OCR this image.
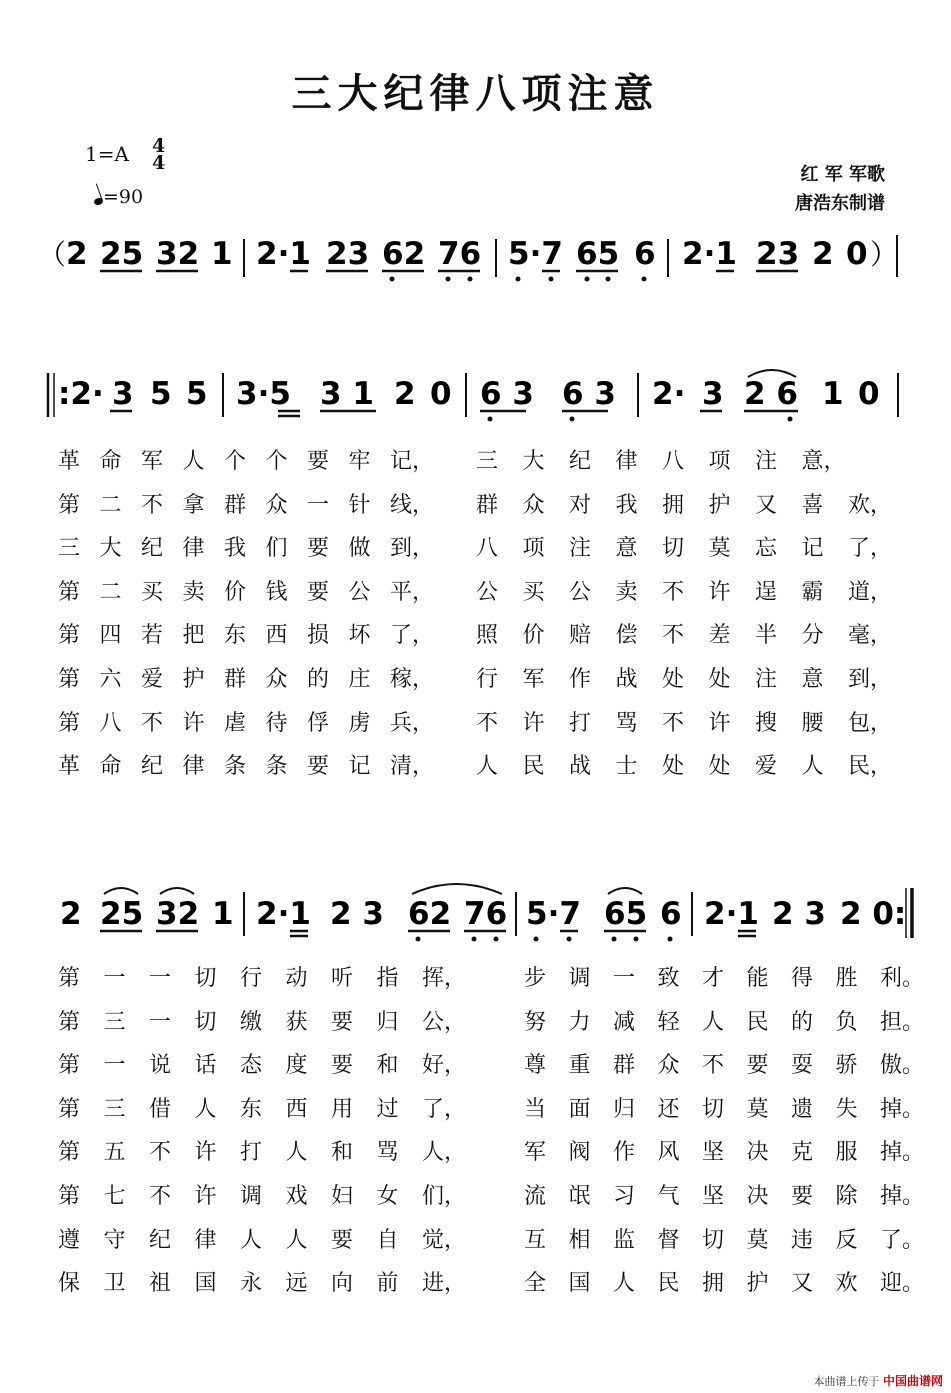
三大纪律八项注意
1=A 4
4
=90
红 军 军歌
唐浩东制谱
（ 2 25 32 1 2·1 23 62 76 5·7 65 6 2·1 23 2 0 ）
:2· 3 5 5 3·5 3 1 2 0 6 3 6 3 2· 3 2 6 1 0
革 命 军 人 个 个 要 牢 记， 三 大 纪 律 八 项 注 意，
第 二 不 拿 群 众 一 针 线， 群 众 对 我 拥 护 又 喜 欢，
三 大 纪 律 我 们 要 做 到， 八 项 注 意 切 莫 忘 记 了，
第 二 买 卖 价 钱 要 公 平， 公 买 公 卖 不 许 逞 霸 道，
第 四 若 把 东 西 损 坏 了， 照 价 赔 偿 不 差 半 分 毫，
第 六 爱 护 群 众 的 庄 稼， 行 军 作 战 处 处 注 意 到，
第 八 不 许 虐 待 俘 虏 兵， 不 许 打 骂 不 许 搜 腰 包，
革 命 纪 律 条 条 要 记 清， 人 民 战 士 处 处 爱 人 民，
2 25 32 1 2·1 2 3 62 76 5·7 65 6 2·1 2 3 2 0:
第 一 一 切 行 动 听 指 挥，	步 调 一 致 才 能 得 胜 利。
第 三 一 切 缴 获 要 归 公，	努 力 减 轻 人 民 的 负 担。
第 一 说 话 态 度 要 和 好，	尊 重 群 众 不 要 耍 骄 傲。
第 三 借 人 东 西 用 过 了，	当 面 归 还 切 莫 遗 失 掉。
第 五 不 许 打 人 和 骂 人，	军 阀 作 风 坚 决 克 服 掉。
第 七 不 许 调 戏 妇 女 们，	流 氓 习 气 坚 决 要 除 掉。
遵 守 纪 律 人 人 要 自 觉，	互 相 监 督 切 莫 违 反 了。
保 卫 祖 国 永 远 向 前 进，	全 国 人 民 拥 护 又 欢 迎。
本曲谱上传于 中国曲谱网
